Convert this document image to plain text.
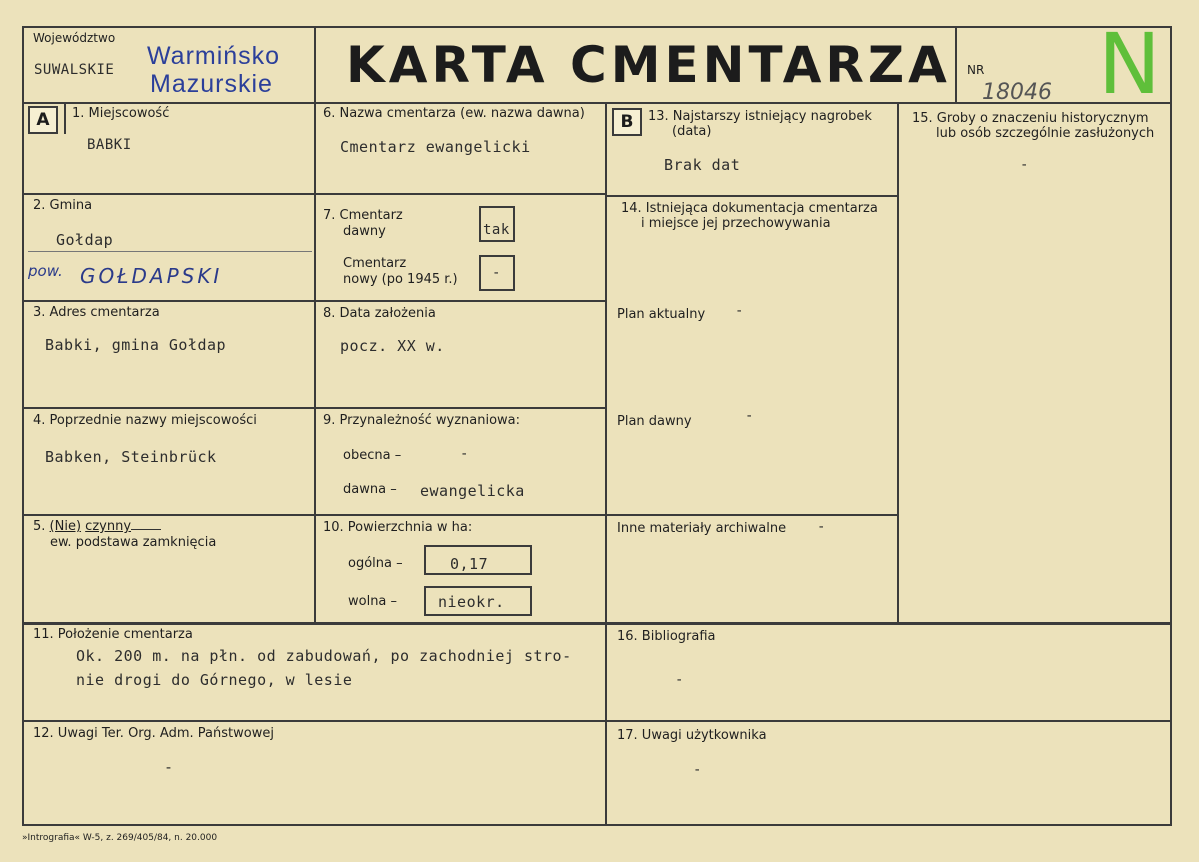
Województwo
SUWALSKIE Warmińsko
Mazurskie KARTA CMENTARZA NR
18046 N
A	1. Miejscowość
BABKI
2. Gmina
Gołdap
pow. GOŁDAPSKI
3. Adres cmentarza
Babki, gmina Gołdap
4. Poprzednie nazwy miejscowości
Babken, Steinbrück
5. (Nie) czynny
ew. podstawa zamknięcia
6. Nazwa cmentarza (ew. nazwa dawna)
Cmentarz ewangelicki
7. Cmentarz
dawny	tak
Cmentarz
nowy (po 1945 r.) -
8. Data założenia
pocz. XX w.
9. Przynależność wyznaniowa:
obecna –	-
dawna – ewangelicka
10. Powierzchnia w ha:
ogólna –	0,17
wolna –	nieokr.
11. Położenie cmentarza
Ok. 200 m. na płn. od zabudowań, po zachodniej stro-
nie drogi do Górnego, w lesie
12. Uwagi Ter. Org. Adm. Państwowej
-
B	13. Najstarszy istniejący nagrobek
(data)
Brak dat
14. Istniejąca dokumentacja cmentarza
i miejsce jej przechowywania
Plan aktualny -
Plan dawny	-
Inne materiały archiwalne -
15. Groby o znaczeniu historycznym
lub osób szczególnie zasłużonych
-
16. Bibliografia
-
17. Uwagi użytkownika
-
»Intrografia« W-5, z. 269/405/84, n. 20.000
